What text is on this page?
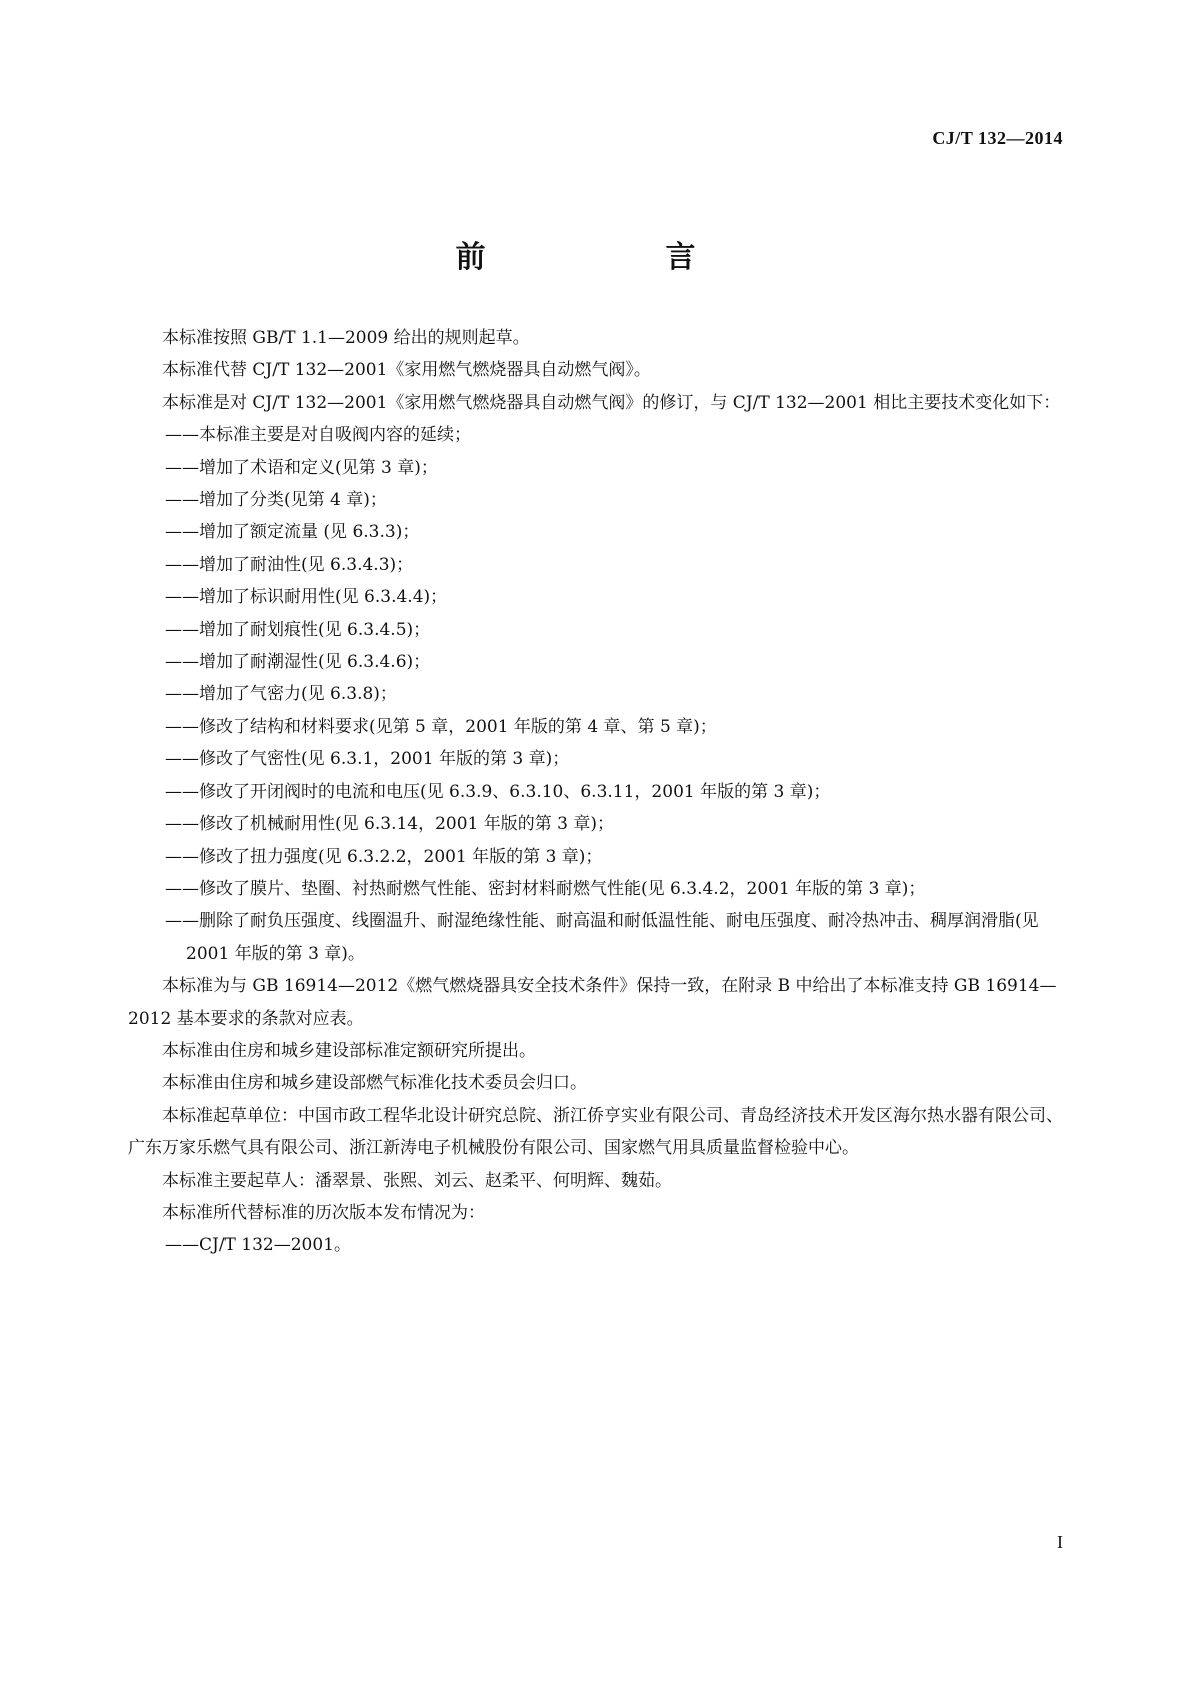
CJ/T 132—2014
前　　言

本标准按照 GB/T 1.1—2009 给出的规则起草。

本标准代替 CJ/T 132—2001《家用燃气燃烧器具自动燃气阀》。

本标准是对 CJ/T 132—2001《家用燃气燃烧器具自动燃气阀》的修订，与 CJ/T 132—2001 相比主要技术变化如下：

——本标准主要是对自吸阀内容的延续；

——增加了术语和定义(见第 3 章)；

——增加了分类(见第 4 章)；

——增加了额定流量 (见 6.3.3)；

——增加了耐油性(见 6.3.4.3)；

——增加了标识耐用性(见 6.3.4.4)；

——增加了耐划痕性(见 6.3.4.5)；

——增加了耐潮湿性(见 6.3.4.6)；

——增加了气密力(见 6.3.8)；

——修改了结构和材料要求(见第 5 章，2001 年版的第 4 章、第 5 章)；

——修改了气密性(见 6.3.1，2001 年版的第 3 章)；

——修改了开闭阀时的电流和电压(见 6.3.9、6.3.10、6.3.11，2001 年版的第 3 章)；

——修改了机械耐用性(见 6.3.14，2001 年版的第 3 章)；

——修改了扭力强度(见 6.3.2.2，2001 年版的第 3 章)；

——修改了膜片、垫圈、衬热耐燃气性能、密封材料耐燃气性能(见 6.3.4.2，2001 年版的第 3 章)；

——删除了耐负压强度、线圈温升、耐湿绝缘性能、耐高温和耐低温性能、耐电压强度、耐冷热冲击、稠厚润滑脂(见 2001 年版的第 3 章)。

本标准为与 GB 16914—2012《燃气燃烧器具安全技术条件》保持一致，在附录 B 中给出了本标准支持 GB 16914—2012 基本要求的条款对应表。

本标准由住房和城乡建设部标准定额研究所提出。

本标准由住房和城乡建设部燃气标准化技术委员会归口。

本标准起草单位：中国市政工程华北设计研究总院、浙江侨亨实业有限公司、青岛经济技术开发区海尔热水器有限公司、广东万家乐燃气具有限公司、浙江新涛电子机械股份有限公司、国家燃气用具质量监督检验中心。

本标准主要起草人：潘翠景、张熙、刘云、赵柔平、何明辉、魏茹。

本标准所代替标准的历次版本发布情况为：

——CJ/T 132—2001。

I
